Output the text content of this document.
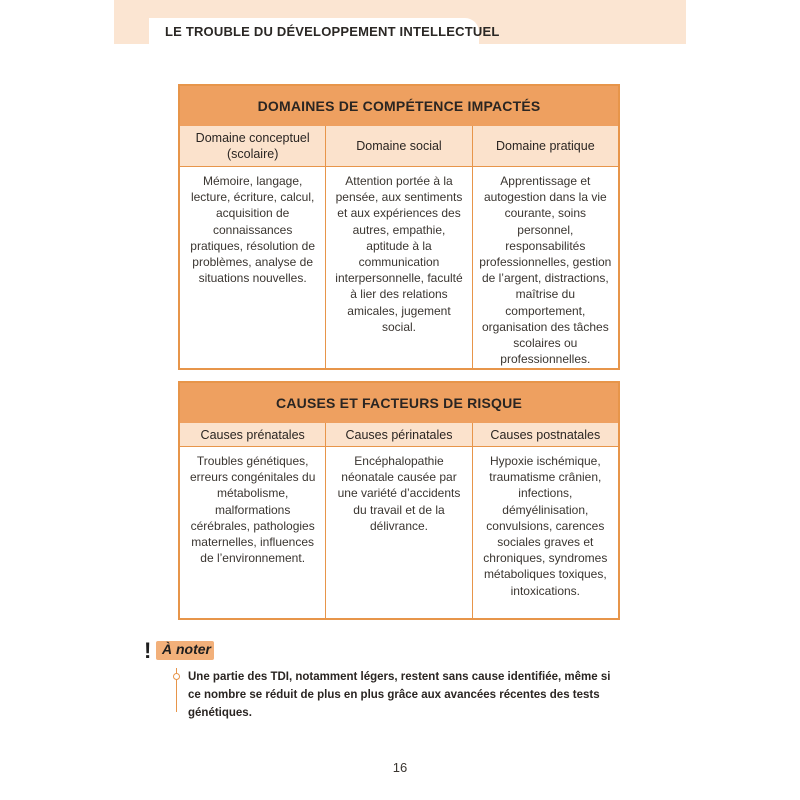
LE TROUBLE DU DÉVELOPPEMENT INTELLECTUEL
DOMAINES DE COMPÉTENCE IMPACTÉS
Domaine conceptuel (scolaire)
Mémoire, langage, lecture, écriture, calcul, acquisition de connaissances pratiques, résolution de problèmes, analyse de situations nouvelles.
Domaine social
Attention portée à la pensée, aux sentiments et aux expériences des autres, empathie, aptitude à la communication interpersonnelle, faculté à lier des relations amicales, jugement social.
Domaine pratique
Apprentissage et autogestion dans la vie courante, soins personnel, responsabilités professionnelles, gestion de l’argent, distractions, maîtrise du comportement, organisation des tâches scolaires ou professionnelles.
CAUSES ET FACTEURS DE RISQUE
Causes prénatales
Troubles génétiques, erreurs congénitales du métabolisme, malformations cérébrales, pathologies maternelles, influences de l’environnement.
Causes périnatales
Encéphalopathie néonatale causée par une variété d’accidents du travail et de la délivrance.
Causes postnatales
Hypoxie ischémique, traumatisme crânien, infections, démyélinisation, convulsions, carences sociales graves et chroniques, syndromes métaboliques toxiques, intoxications.
! À noter
Une partie des TDI, notamment légers, restent sans cause identifiée, même si ce nombre se réduit de plus en plus grâce aux avancées récentes des tests génétiques.
16
